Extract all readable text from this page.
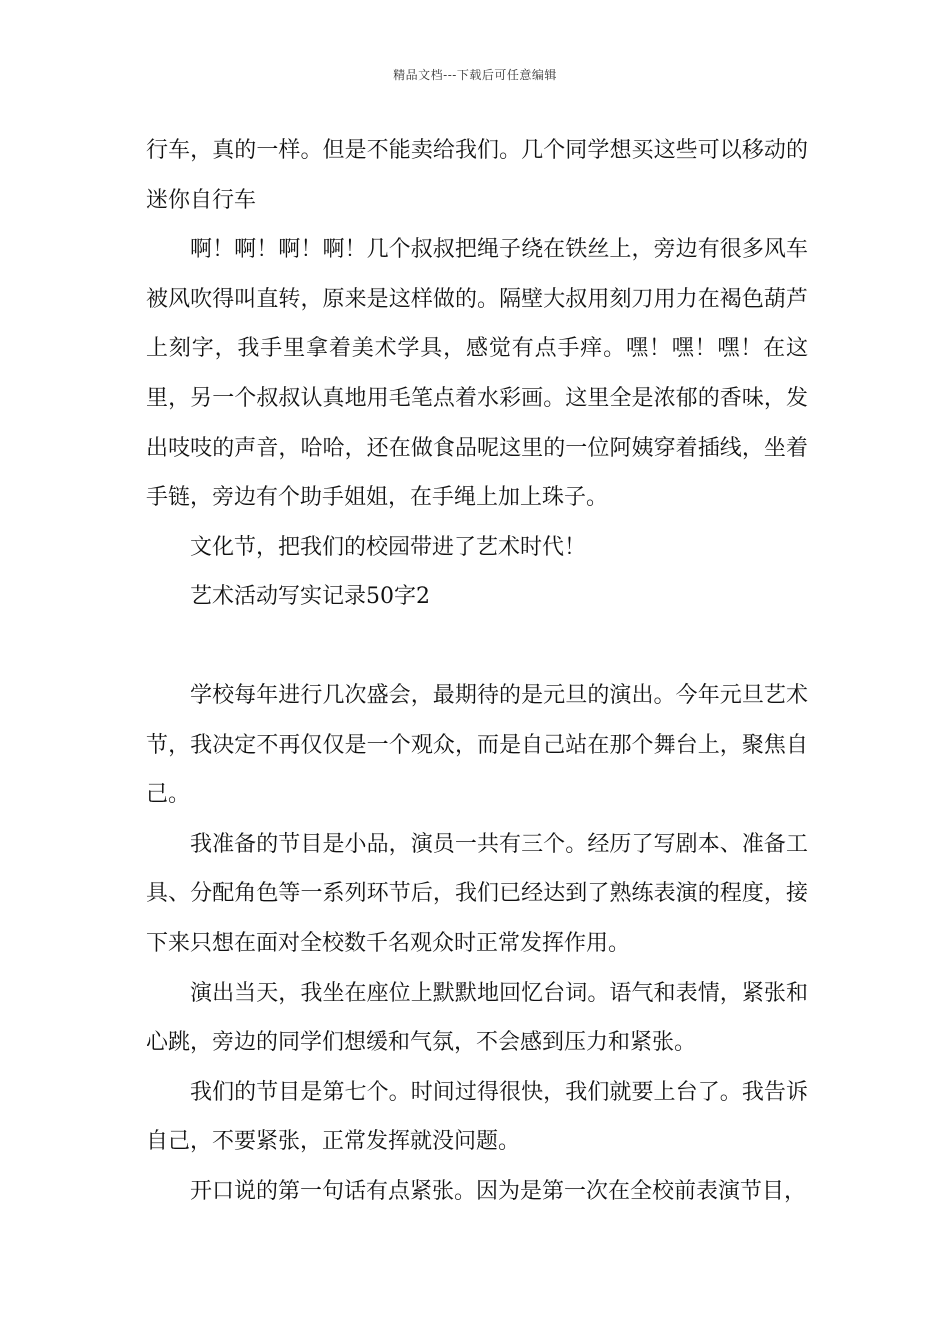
精品文档---下载后可任意编辑

行车，真的一样。但是不能卖给我们。几个同学想买这些可以移动的迷你自行车

啊！啊！啊！啊！几个叔叔把绳子绕在铁丝上，旁边有很多风车被风吹得叫直转，原来是这样做的。隔壁大叔用刻刀用力在褐色葫芦上刻字，我手里拿着美术学具，感觉有点手痒。嘿！嘿！嘿！在这里，另一个叔叔认真地用毛笔点着水彩画。这里全是浓郁的香味，发出吱吱的声音，哈哈，还在做食品呢这里的一位阿姨穿着插线，坐着手链，旁边有个助手姐姐，在手绳上加上珠子。

文化节，把我们的校园带进了艺术时代！

艺术活动写实记录50字2

学校每年进行几次盛会，最期待的是元旦的演出。今年元旦艺术节，我决定不再仅仅是一个观众，而是自己站在那个舞台上，聚焦自己。

我准备的节目是小品，演员一共有三个。经历了写剧本、准备工具、分配角色等一系列环节后，我们已经达到了熟练表演的程度，接下来只想在面对全校数千名观众时正常发挥作用。

演出当天，我坐在座位上默默地回忆台词。语气和表情，紧张和心跳，旁边的同学们想缓和气氛，不会感到压力和紧张。

我们的节目是第七个。时间过得很快，我们就要上台了。我告诉自己，不要紧张，正常发挥就没问题。

开口说的第一句话有点紧张。因为是第一次在全校前表演节目，
